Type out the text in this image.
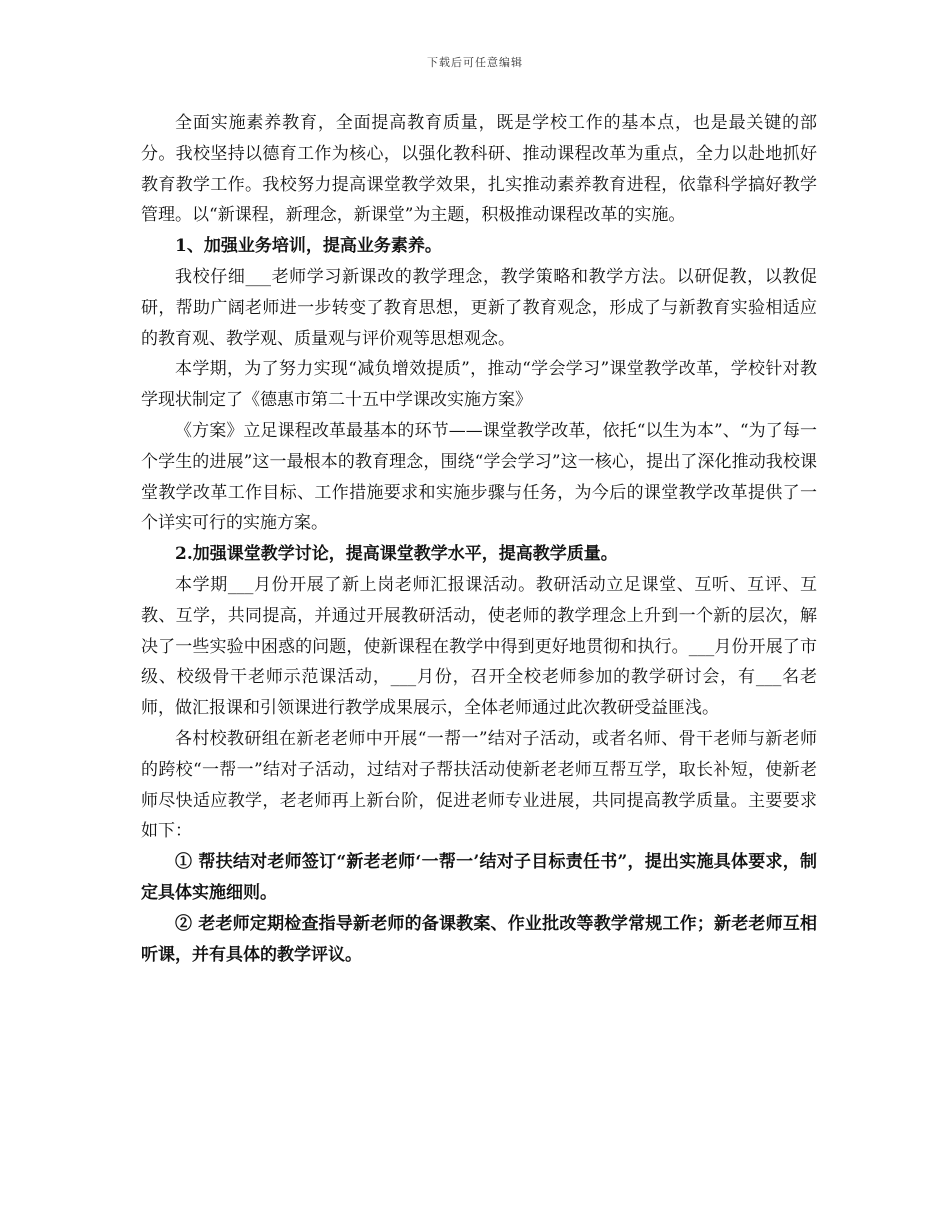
下载后可任意编辑

全面实施素养教育，全面提高教育质量，既是学校工作的基本点，也是最关键的部分。我校坚持以德育工作为核心，以强化教科研、推动课程改革为重点，全力以赴地抓好教育教学工作。我校努力提高课堂教学效果，扎实推动素养教育进程，依靠科学搞好教学管理。以“新课程，新理念，新课堂”为主题，积极推动课程改革的实施。

1、加强业务培训，提高业务素养。

我校仔细___老师学习新课改的教学理念，教学策略和教学方法。以研促教，以教促研，帮助广阔老师进一步转变了教育思想，更新了教育观念，形成了与新教育实验相适应的教育观、教学观、质量观与评价观等思想观念。

本学期，为了努力实现“减负增效提质”，推动“学会学习”课堂教学改革，学校针对教学现状制定了《德惠市第二十五中学课改实施方案》

《方案》立足课程改革最基本的环节——课堂教学改革，依托“以生为本”、“为了每一个学生的进展”这一最根本的教育理念，围绕“学会学习”这一核心，提出了深化推动我校课堂教学改革工作目标、工作措施要求和实施步骤与任务，为今后的课堂教学改革提供了一个详实可行的实施方案。

2.加强课堂教学讨论，提高课堂教学水平，提高教学质量。

本学期___月份开展了新上岗老师汇报课活动。教研活动立足课堂、互听、互评、互教、互学，共同提高，并通过开展教研活动，使老师的教学理念上升到一个新的层次，解决了一些实验中困惑的问题，使新课程在教学中得到更好地贯彻和执行。___月份开展了市级、校级骨干老师示范课活动，___月份，召开全校老师参加的教学研讨会，有___名老师，做汇报课和引领课进行教学成果展示，全体老师通过此次教研受益匪浅。

各村校教研组在新老老师中开展“一帮一”结对子活动，或者名师、骨干老师与新老师的跨校“一帮一”结对子活动，过结对子帮扶活动使新老老师互帮互学，取长补短，使新老师尽快适应教学，老老师再上新台阶，促进老师专业进展，共同提高教学质量。主要要求如下：

① 帮扶结对老师签订“新老老师‘一帮一’结对子目标责任书”，提出实施具体要求，制定具体实施细则。

② 老老师定期检查指导新老师的备课教案、作业批改等教学常规工作；新老老师互相听课，并有具体的教学评议。
